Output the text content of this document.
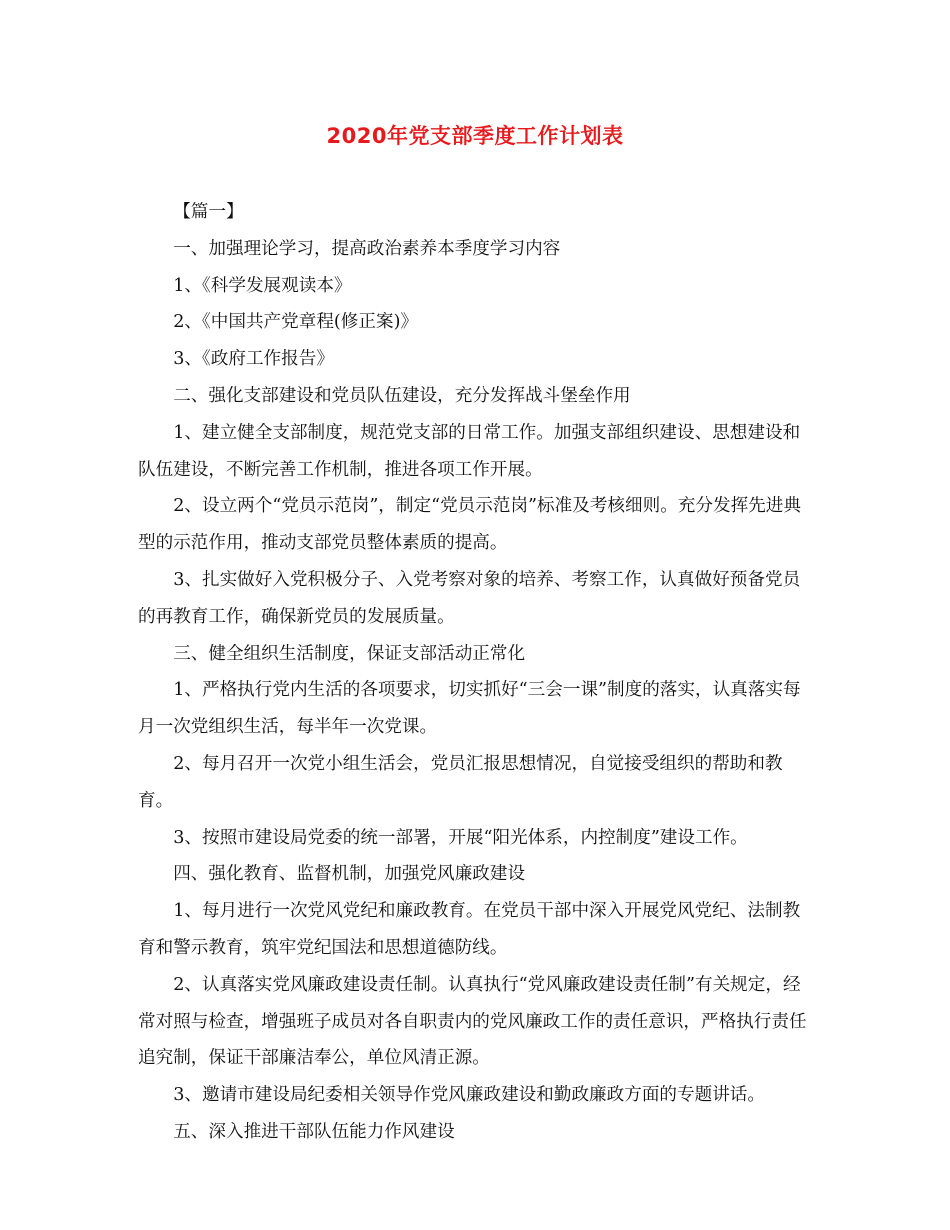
2020年党支部季度工作计划表

【篇一】

一、加强理论学习，提高政治素养本季度学习内容

1、《科学发展观读本》

2、《中国共产党章程(修正案)》

3、《政府工作报告》

二、强化支部建设和党员队伍建设，充分发挥战斗堡垒作用

1、建立健全支部制度，规范党支部的日常工作。加强支部组织建设、思想建设和队伍建设，不断完善工作机制，推进各项工作开展。

2、设立两个“党员示范岗”，制定“党员示范岗”标准及考核细则。充分发挥先进典型的示范作用，推动支部党员整体素质的提高。

3、扎实做好入党积极分子、入党考察对象的培养、考察工作，认真做好预备党员的再教育工作，确保新党员的发展质量。

三、健全组织生活制度，保证支部活动正常化

1、严格执行党内生活的各项要求，切实抓好“三会一课”制度的落实，认真落实每月一次党组织生活，每半年一次党课。

2、每月召开一次党小组生活会，党员汇报思想情况，自觉接受组织的帮助和教育。

3、按照市建设局党委的统一部署，开展“阳光体系，内控制度”建设工作。

四、强化教育、监督机制，加强党风廉政建设

1、每月进行一次党风党纪和廉政教育。在党员干部中深入开展党风党纪、法制教育和警示教育，筑牢党纪国法和思想道德防线。

2、认真落实党风廉政建设责任制。认真执行“党风廉政建设责任制”有关规定，经常对照与检查，增强班子成员对各自职责内的党风廉政工作的责任意识，严格执行责任追究制，保证干部廉洁奉公，单位风清正源。

3、邀请市建设局纪委相关领导作党风廉政建设和勤政廉政方面的专题讲话。

五、深入推进干部队伍能力作风建设
